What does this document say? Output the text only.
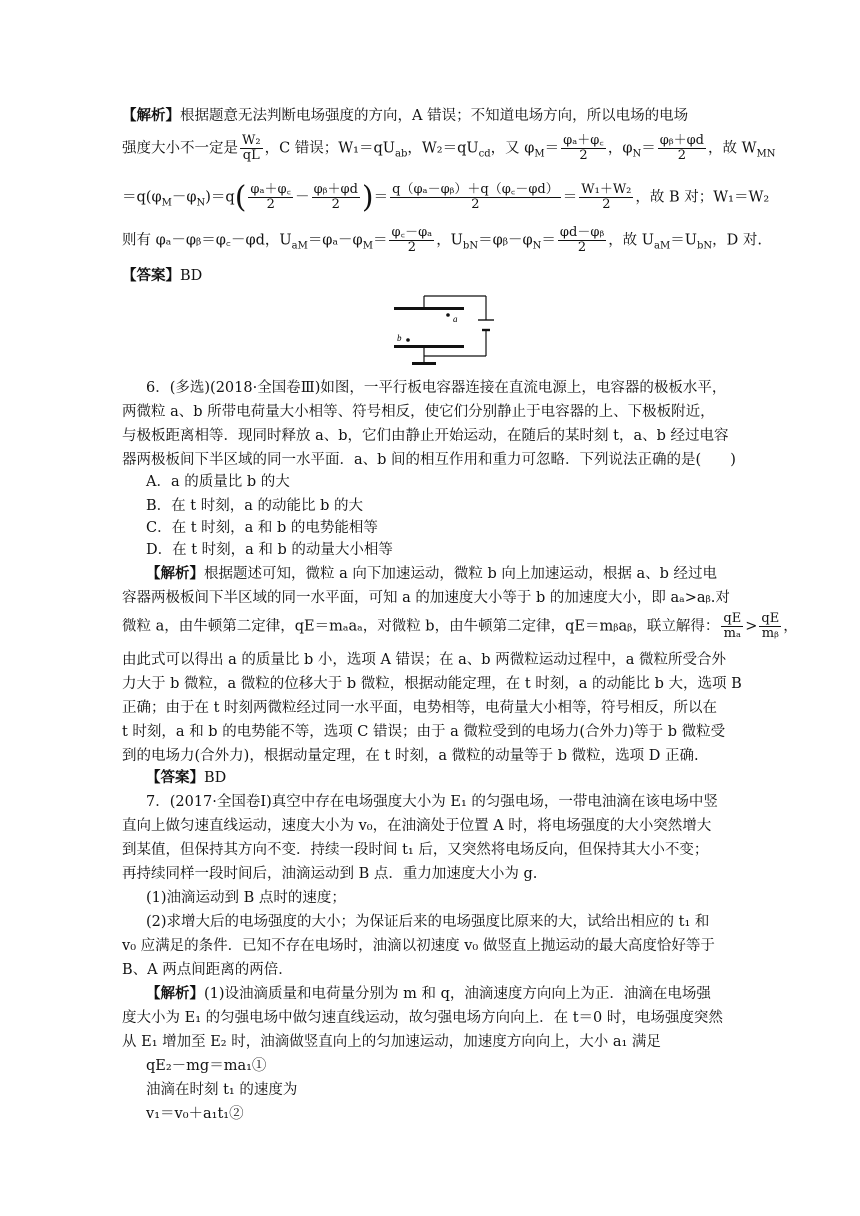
【解析】根据题意无法判断电场强度的方向，A 错误；不知道电场方向，所以电场的电场
强度大小不一定是 $\frac{\text{W₂}}{qL}$ ，C 错误；$W_1=qU_{ab}$，$W_2=qU_{cd}$，又 $\varphi_M= \frac{\text{φₐ＋φ꜀}}{2}$ ，$\varphi_N= \frac{\text{φᵦ＋φd}}{2}$ ，故 $W_{MN}$
$=q(\varphi_M-\varphi_N)=q( \frac{\text{φₐ＋φ꜀}}{2} - \frac{\text{φᵦ＋φd}}{2}$ )＝ $\frac{\text{q（φₐ－φᵦ）＋q（φ꜀－φd）}}{2} = \frac{\text{W₁＋W₂}}{2}$ ，故 B 对；W₁＝W₂
则有 φₐ－φᵦ＝φ꜀－φd，$U_{aM}=\varphi_a-\varphi_M= \frac{\text{φ꜀－φₐ}}{2}$ ，$U_{bN}=\varphi ᵦ-\varphi_N= \frac{\text{φd－φᵦ}}{2}$ ，故 $U_{aM}=U_{bN}$，D 对.
【答案】BD
a
b
6．(多选)(2018·全国卷Ⅲ)如图，一平行板电容器连接在直流电源上，电容器的极板水平，
两微粒 a、b 所带电荷量大小相等、符号相反，使它们分别静止于电容器的上、下极板附近，
与极板距离相等．现同时释放 a、b，它们由静止开始运动，在随后的某时刻 t，a、b 经过电容
器两极板间下半区域的同一水平面．a、b 间的相互作用和重力可忽略．下列说法正确的是(　　)
A．a 的质量比 b 的大
B．在 t 时刻，a 的动能比 b 的大
C．在 t 时刻，a 和 b 的电势能相等
D．在 t 时刻，a 和 b 的动量大小相等
【解析】根据题述可知，微粒 a 向下加速运动，微粒 b 向上加速运动，根据 a、b 经过电
容器两极板间下半区域的同一水平面，可知 a 的加速度大小等于 b 的加速度大小，即 aₐ>aᵦ.对
微粒 a，由牛顿第二定律，qE＝mₐaₐ，对微粒 b，由牛顿第二定律，qE＝mᵦaᵦ，联立解得： $\frac{qE}{\text{mₐ}} > \frac{qE}{\text{mᵦ}}$ ，
由此式可以得出 a 的质量比 b 小，选项 A 错误；在 a、b 两微粒运动过程中，a 微粒所受合外
力大于 b 微粒，a 微粒的位移大于 b 微粒，根据动能定理，在 t 时刻，a 的动能比 b 大，选项 B
正确；由于在 t 时刻两微粒经过同一水平面，电势相等，电荷量大小相等，符号相反，所以在
t 时刻，a 和 b 的电势能不等，选项 C 错误；由于 a 微粒受到的电场力(合外力)等于 b 微粒受
到的电场力(合外力)，根据动量定理，在 t 时刻，a 微粒的动量等于 b 微粒，选项 D 正确.
【答案】BD
7．(2017·全国卷Ⅰ)真空中存在电场强度大小为 E₁ 的匀强电场，一带电油滴在该电场中竖
直向上做匀速直线运动，速度大小为 v₀，在油滴处于位置 A 时，将电场强度的大小突然增大
到某值，但保持其方向不变．持续一段时间 t₁ 后，又突然将电场反向，但保持其大小不变；
再持续同样一段时间后，油滴运动到 B 点．重力加速度大小为 g.
(1)油滴运动到 B 点时的速度；
(2)求增大后的电场强度的大小；为保证后来的电场强度比原来的大，试给出相应的 t₁ 和
v₀ 应满足的条件．已知不存在电场时，油滴以初速度 v₀ 做竖直上抛运动的最大高度恰好等于
B、A 两点间距离的两倍．
【解析】(1)设油滴质量和电荷量分别为 m 和 q，油滴速度方向向上为正．油滴在电场强
度大小为 E₁ 的匀强电场中做匀速直线运动，故匀强电场方向向上．在 t＝0 时，电场强度突然
从 E₁ 增加至 E₂ 时，油滴做竖直向上的匀加速运动，加速度方向向上，大小 a₁ 满足
qE₂－mg＝ma₁①
油滴在时刻 t₁ 的速度为
v₁＝v₀＋a₁t₁②
